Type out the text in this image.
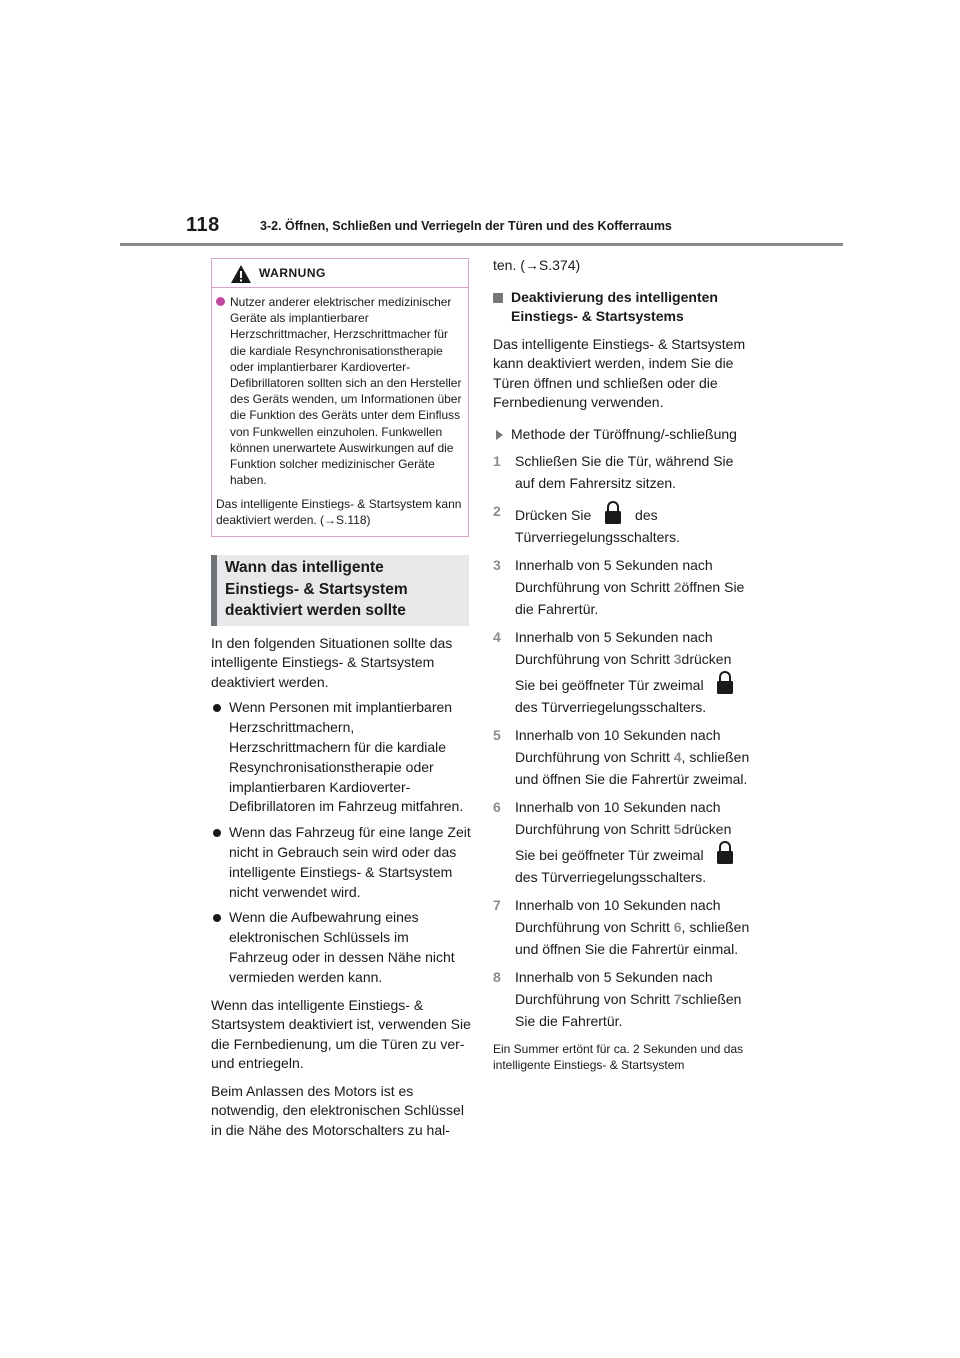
118	3-2. Öffnen, Schließen und Verriegeln der Türen und des Kofferraums
WARNUNG
Nutzer anderer elektrischer medizinischer Geräte als implantierbarer Herzschrittmacher, Herzschrittmacher für die kardiale Resynchronisationstherapie oder implantierbarer Kardioverter-Defibrillatoren sollten sich an den Hersteller des Geräts wenden, um Informationen über die Funktion des Geräts unter dem Einfluss von Funkwellen einzuholen. Funkwellen können unerwartete Auswirkungen auf die Funktion solcher medizinischer Geräte haben.
Das intelligente Einstiegs- & Startsystem kann deaktiviert werden. (→S.118)
Wann das intelligente Einstiegs- & Startsystem deaktiviert werden sollte
In den folgenden Situationen sollte das intelligente Einstiegs- & Startsystem deaktiviert werden.
Wenn Personen mit implantierbaren Herzschrittmachern, Herzschrittmachern für die kardiale Resynchronisationstherapie oder implantierbaren Kardioverter-Defibrillatoren im Fahrzeug mitfahren.
Wenn das Fahrzeug für eine lange Zeit nicht in Gebrauch sein wird oder das intelligente Einstiegs- & Startsystem nicht verwendet wird.
Wenn die Aufbewahrung eines elektronischen Schlüssels im Fahrzeug oder in dessen Nähe nicht vermieden werden kann.
Wenn das intelligente Einstiegs- & Startsystem deaktiviert ist, verwenden Sie die Fernbedienung, um die Türen zu ver- und entriegeln.
Beim Anlassen des Motors ist es notwendig, den elektronischen Schlüssel in die Nähe des Motorschalters zu hal-
ten. (→S.374)
Deaktivierung des intelligenten Einstiegs- & Startsystems
Das intelligente Einstiegs- & Startsystem kann deaktiviert werden, indem Sie die Türen öffnen und schließen oder die Fernbedienung verwenden.
Methode der Türöffnung/-schließung
1 Schließen Sie die Tür, während Sie auf dem Fahrersitz sitzen.
2 Drücken Sie	des Türverriegelungsschalters.
3 Innerhalb von 5 Sekunden nach Durchführung von Schritt 2öffnen Sie die Fahrertür.
4 Innerhalb von 5 Sekunden nach Durchführung von Schritt 3drücken Sie bei geöffneter Tür zweimal  des Türverriegelungsschalters.
5 Innerhalb von 10 Sekunden nach Durchführung von Schritt 4, schließen und öffnen Sie die Fahrertür zweimal.
6 Innerhalb von 10 Sekunden nach Durchführung von Schritt 5drücken Sie bei geöffneter Tür zweimal  des Türverriegelungsschalters.
7 Innerhalb von 10 Sekunden nach Durchführung von Schritt 6, schließen und öffnen Sie die Fahrertür einmal.
8 Innerhalb von 5 Sekunden nach Durchführung von Schritt 7schließen Sie die Fahrertür.
Ein Summer ertönt für ca. 2 Sekunden und das intelligente Einstiegs- & Startsystem
